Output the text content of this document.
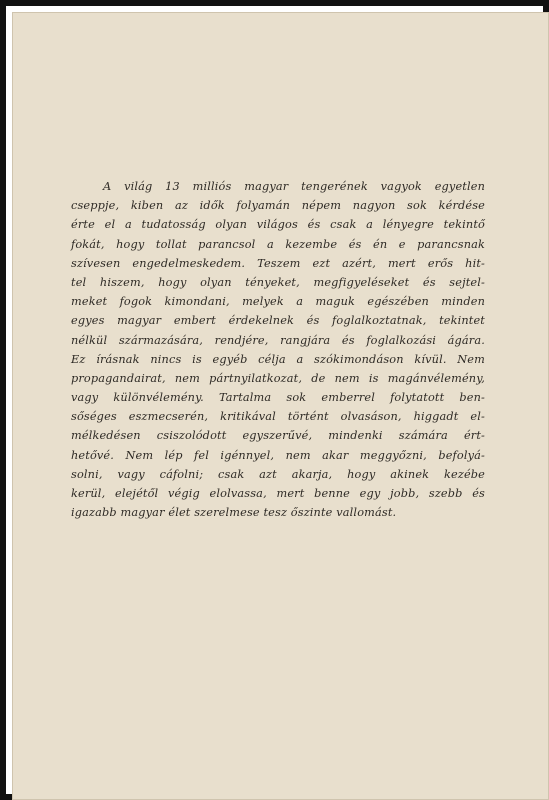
A világ 13 milliós magyar tengerének vagyok egyetlen
cseppje, kiben az idők folyamán népem nagyon sok kérdése
érte el a tudatosság olyan világos és csak a lényegre tekintő
fokát, hogy tollat parancsol a kezembe és én e parancsnak
szívesen engedelmeskedem. Teszem ezt azért, mert erős hit-
tel hiszem, hogy olyan tényeket, megfigyeléseket és sejtel-
meket fogok kimondani, melyek a maguk egészében minden
egyes magyar embert érdekelnek és foglalkoztatnak, tekintet
nélkül származására, rendjére, rangjára és foglalkozási ágára.
Ez írásnak nincs is egyéb célja a szókimondáson kívül. Nem
propagandairat, nem pártnyilatkozat, de nem is magánvélemény,
vagy különvélemény. Tartalma sok emberrel folytatott ben-
sőséges eszmecserén, kritikával történt olvasáson, higgadt el-
mélkedésen csiszolódott egyszerűvé, mindenki számára ért-
hetővé. Nem lép fel igénnyel, nem akar meggyőzni, befolyá-
solni, vagy cáfolni; csak azt akarja, hogy akinek kezébe
kerül, elejétől végig elolvassa, mert benne egy jobb, szebb és
igazabb magyar élet szerelmese tesz őszinte vallomást.
